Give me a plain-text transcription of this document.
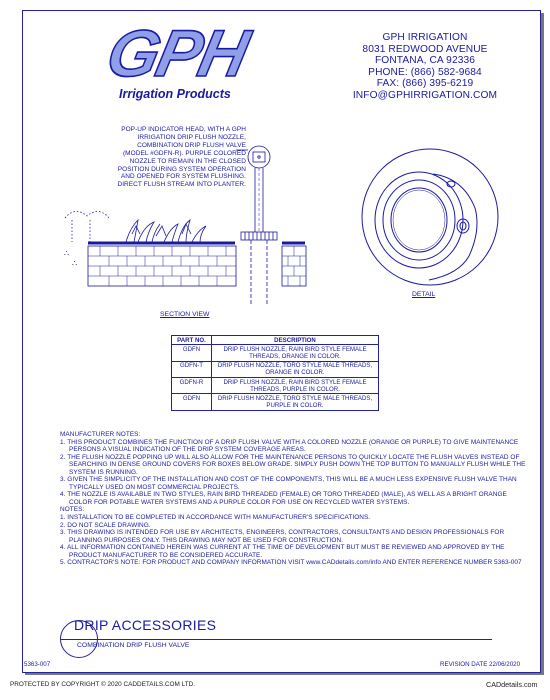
GPH
Irrigation Products
GPH IRRIGATION
8031 REDWOOD AVENUE
FONTANA, CA 92336
PHONE: (866) 582-9684
FAX: (866) 395-6219
INFO@GPHIRRIGATION.COM
POP-UP INDICATOR HEAD, WITH A GPH
IRRIGATION DRIP FLUSH NOZZLE,
COMBINATION DRIP FLUSH VALVE
(MODEL #GDFN-R). PURPLE COLORED
NOZZLE TO REMAIN IN THE CLOSED
POSITION DURING SYSTEM OPERATION
AND OPENED FOR SYSTEM FLUSHING.
DIRECT FLUSH STREAM INTO PLANTER.
∴
∴
SECTION VIEW
DETAIL
PART NO.	DESCRIPTION
GDFN	DRIP FLUSH NOZZLE, RAIN BIRD STYLE FEMALE THREADS, ORANGE IN COLOR.
GDFN-T	DRIP FLUSH NOZZLE, TORO STYLE MALE THREADS, ORANGE IN COLOR.
GDFN-R	DRIP FLUSH NOZZLE, RAIN BIRD STYLE FEMALE THREADS, PURPLE IN COLOR.
GDFN	DRIP FLUSH NOZZLE, TORO STYLE MALE THREADS, PURPLE IN COLOR.
MANUFACTURER NOTES:
1. THIS PRODUCT COMBINES THE FUNCTION OF A DRIP FLUSH VALVE WITH A COLORED NOZZLE (ORANGE OR PURPLE) TO GIVE MAINTENANCE PERSONS A VISUAL INDICATION OF THE DRIP SYSTEM COVERAGE AREAS.
2. THE FLUSH NOZZLE POPPING UP WILL ALSO ALLOW FOR THE MAINTENANCE PERSONS TO QUICKLY LOCATE THE FLUSH VALVES INSTEAD OF SEARCHING IN DENSE GROUND COVERS FOR BOXES BELOW GRADE. SIMPLY PUSH DOWN THE TOP BUTTON TO MANUALLY FLUSH WHILE THE SYSTEM IS RUNNING.
3. GIVEN THE SIMPLICITY OF THE INSTALLATION AND COST OF THE COMPONENTS, THIS WILL BE A MUCH LESS EXPENSIVE FLUSH VALVE THAN TYPICALLY USED ON MOST COMMERCIAL PROJECTS.
4. THE NOZZLE IS AVAILABLE IN TWO STYLES, RAIN BIRD THREADED (FEMALE) OR TORO THREADED (MALE), AS WELL AS A BRIGHT ORANGE COLOR FOR POTABLE WATER SYSTEMS AND A PURPLE COLOR FOR USE ON RECYCLED WATER SYSTEMS.
NOTES:
1. INSTALLATION TO BE COMPLETED IN ACCORDANCE WITH MANUFACTURER'S SPECIFICATIONS.
2. DO NOT SCALE DRAWING.
3. THIS DRAWING IS INTENDED FOR USE BY ARCHITECTS, ENGINEERS, CONTRACTORS, CONSULTANTS AND DESIGN PROFESSIONALS FOR PLANNING PURPOSES ONLY. THIS DRAWING MAY NOT BE USED FOR CONSTRUCTION.
4. ALL INFORMATION CONTAINED HEREIN WAS CURRENT AT THE TIME OF DEVELOPMENT BUT MUST BE REVIEWED AND APPROVED BY THE PRODUCT MANUFACTURER TO BE CONSIDERED ACCURATE.
5. CONTRACTOR'S NOTE: FOR PRODUCT AND COMPANY INFORMATION VISIT www.CADdetails.com/info AND ENTER REFERENCE NUMBER 5363-007
DRIP ACCESSORIES
COMBINATION DRIP FLUSH VALVE
5363-007	REVISION DATE 22/06/2020
PROTECTED BY COPYRIGHT © 2020 CADDETAILS.COM LTD.	CADdetails.com
